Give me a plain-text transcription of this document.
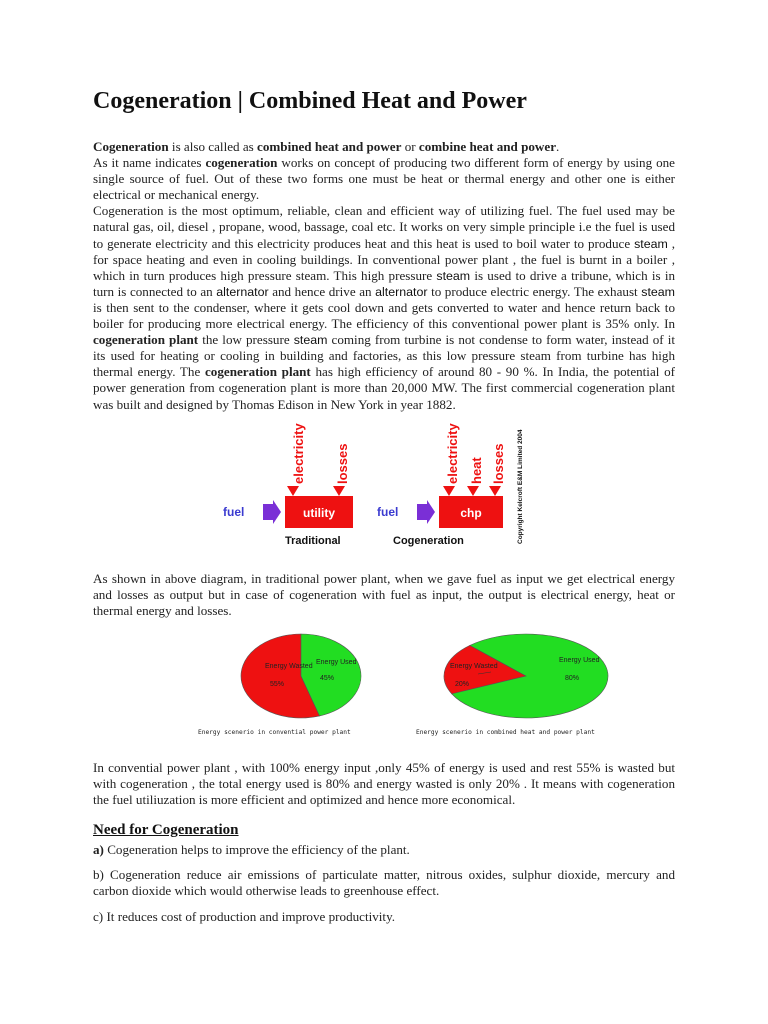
Cogeneration | Combined Heat and Power

Cogeneration is also called as combined heat and power or combine heat and power.

As it name indicates cogeneration works on concept of producing two different form of energy by using one single source of fuel. Out of these two forms one must be heat or thermal energy and other one is either electrical or mechanical energy.

Cogeneration is the most optimum, reliable, clean and efficient way of utilizing fuel. The fuel used may be natural gas, oil, diesel , propane, wood, bassage, coal etc. It works on very simple principle i.e the fuel is used to generate electricity and this electricity produces heat and this heat is used to boil water to produce steam , for space heating and even in cooling buildings. In conventional power plant , the fuel is burnt in a boiler , which in turn produces high pressure steam. This high pressure steam is used to drive a tribune, which is in turn is connected to an alternator and hence drive an alternator to produce electric energy. The exhaust steam is then sent to the condenser, where it gets cool down and gets converted to water and hence return back to boiler for producing more electrical energy. The efficiency of this conventional power plant is 35% only. In cogeneration plant the low pressure steam coming from turbine is not condense to form water, instead of it its used for heating or cooling in building and factories, as this low pressure steam from turbine has high thermal energy. The cogeneration plant has high efficiency of around 80 - 90 %. In India, the potential of power generation from cogeneration plant is more than 20,000 MW. The first commercial cogeneration plant was built and designed by Thomas Edison in New York in year 1882.

fuel	utility
electricity losses
Traditional
fuel	chp
electricity heat losses
Cogeneration	Copyright Kelcroft E&M Limited 2004

As shown in above diagram, in traditional power plant, when we gave fuel as input we get electrical energy and losses as output but in case of cogeneration with fuel as input, the output is electrical energy, heat or thermal energy and losses.

Energy Wasted
55%
Energy Used
45%
Energy scenerio in convential power plant
Energy Wasted
20%
Energy Used
80%
Energy scenerio in combined heat and power plant

In convential power plant , with 100% energy input ,only 45% of energy is used and rest 55% is wasted but with cogeneration , the total energy used is 80% and energy wasted is only 20% . It means with cogeneration the fuel utiliuzation is more efficient and optimized and hence more economical.

Need for Cogeneration

a) Cogeneration helps to improve the efficiency of the plant.

b) Cogeneration reduce air emissions of particulate matter, nitrous oxides, sulphur dioxide, mercury and carbon dioxide which would otherwise leads to greenhouse effect.

c) It reduces cost of production and improve productivity.
